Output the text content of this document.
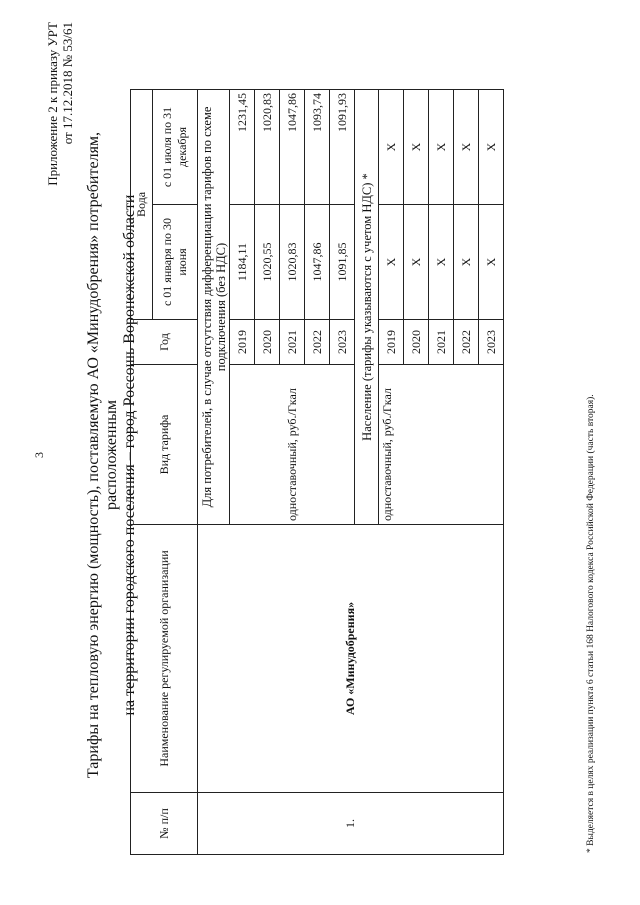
3
Приложение 2 к приказу УРТ от 17.12.2018 № 53/61
Тарифы на тепловую энергию (мощность), поставляемую АО «Минудобрения» потребителям, расположенным на территории городского поселения – город Россошь Воронежской области
№ п/п	Наименование регулируемой организации	Вид тарифа	Год	Вода	
				с 01 января по 30 июня	с 01 июля по 31 декабря
1.	АО «Минудобрения»	Для потребителей, в случае отсутствия дифференциации тарифов по схеме подключения (без НДС)			
		одноставочный, руб./Гкал	2019	1184,11	1231,45
			2020	1020,55	1020,83
			2021	1020,83	1047,86
			2022	1047,86	1093,74
			2023	1091,85	1091,93
		Население (тарифы указываются с учетом НДС) *			
		одноставочный, руб./Гкал	2019	Х	Х
			2020	Х	Х
			2021	Х	Х
			2022	Х	Х
			2023	Х	Х
* Выделяется в целях реализации пункта 6 статьи 168 Налогового кодекса Российской Федерации (часть вторая).
